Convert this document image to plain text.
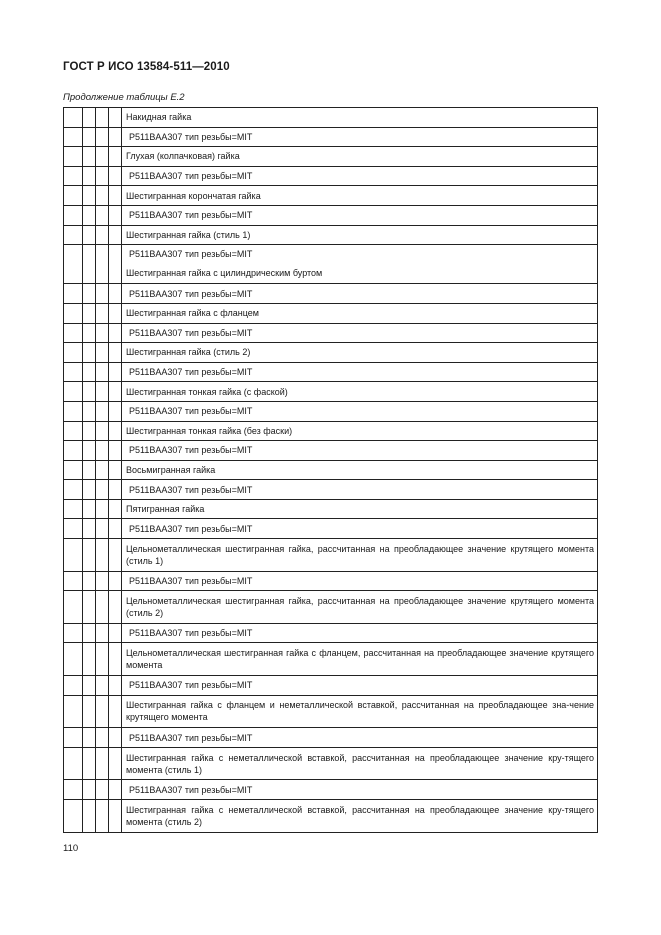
ГОСТ Р ИСО 13584-511—2010
Продолжение таблицы Е.2
				Накидная гайка
				P511BAA307 тип резьбы=MIT
				Глухая (колпачковая) гайка
				P511BAA307 тип резьбы=MIT
				Шестигранная корончатая гайка
				P511BAA307 тип резьбы=MIT
				Шестигранная гайка (стиль 1)

				P511BAA307 тип резьбы=MIT
Шестигранная гайка с цилиндрическим буртом

				P511BAA307 тип резьбы=MIT
				Шестигранная гайка с фланцем
				P511BAA307 тип резьбы=MIT
				Шестигранная гайка (стиль 2)
				P511BAA307 тип резьбы=MIT
				Шестигранная тонкая гайка (с фаской)
				P511BAA307 тип резьбы=MIT
				Шестигранная тонкая гайка (без фаски)
				P511BAA307 тип резьбы=MIT
				Восьмигранная гайка
				P511BAA307 тип резьбы=MIT
				Пятигранная гайка
				P511BAA307 тип резьбы=MIT
				Цельнометаллическая шестигранная гайка, рассчитанная на преобладающее значение крутящего момента (стиль 1)
				P511BAA307 тип резьбы=MIT
				Цельнометаллическая шестигранная гайка, рассчитанная на преобладающее значение крутящего момента (стиль 2)
				P511BAA307 тип резьбы=MIT
				Цельнометаллическая шестигранная гайка с фланцем, рассчитанная на преобладающее значение крутящего момента
				P511BAA307 тип резьбы=MIT
				Шестигранная гайка с фланцем и неметаллической вставкой, рассчитанная на преобладающее зна-чение крутящего момента
				P511BAA307 тип резьбы=MIT
				Шестигранная гайка с неметаллической вставкой, рассчитанная на преобладающее значение кру-тящего момента (стиль 1)
				P511BAA307 тип резьбы=MIT
				Шестигранная гайка с неметаллической вставкой, рассчитанная на преобладающее значение кру-тящего момента (стиль 2)
110
